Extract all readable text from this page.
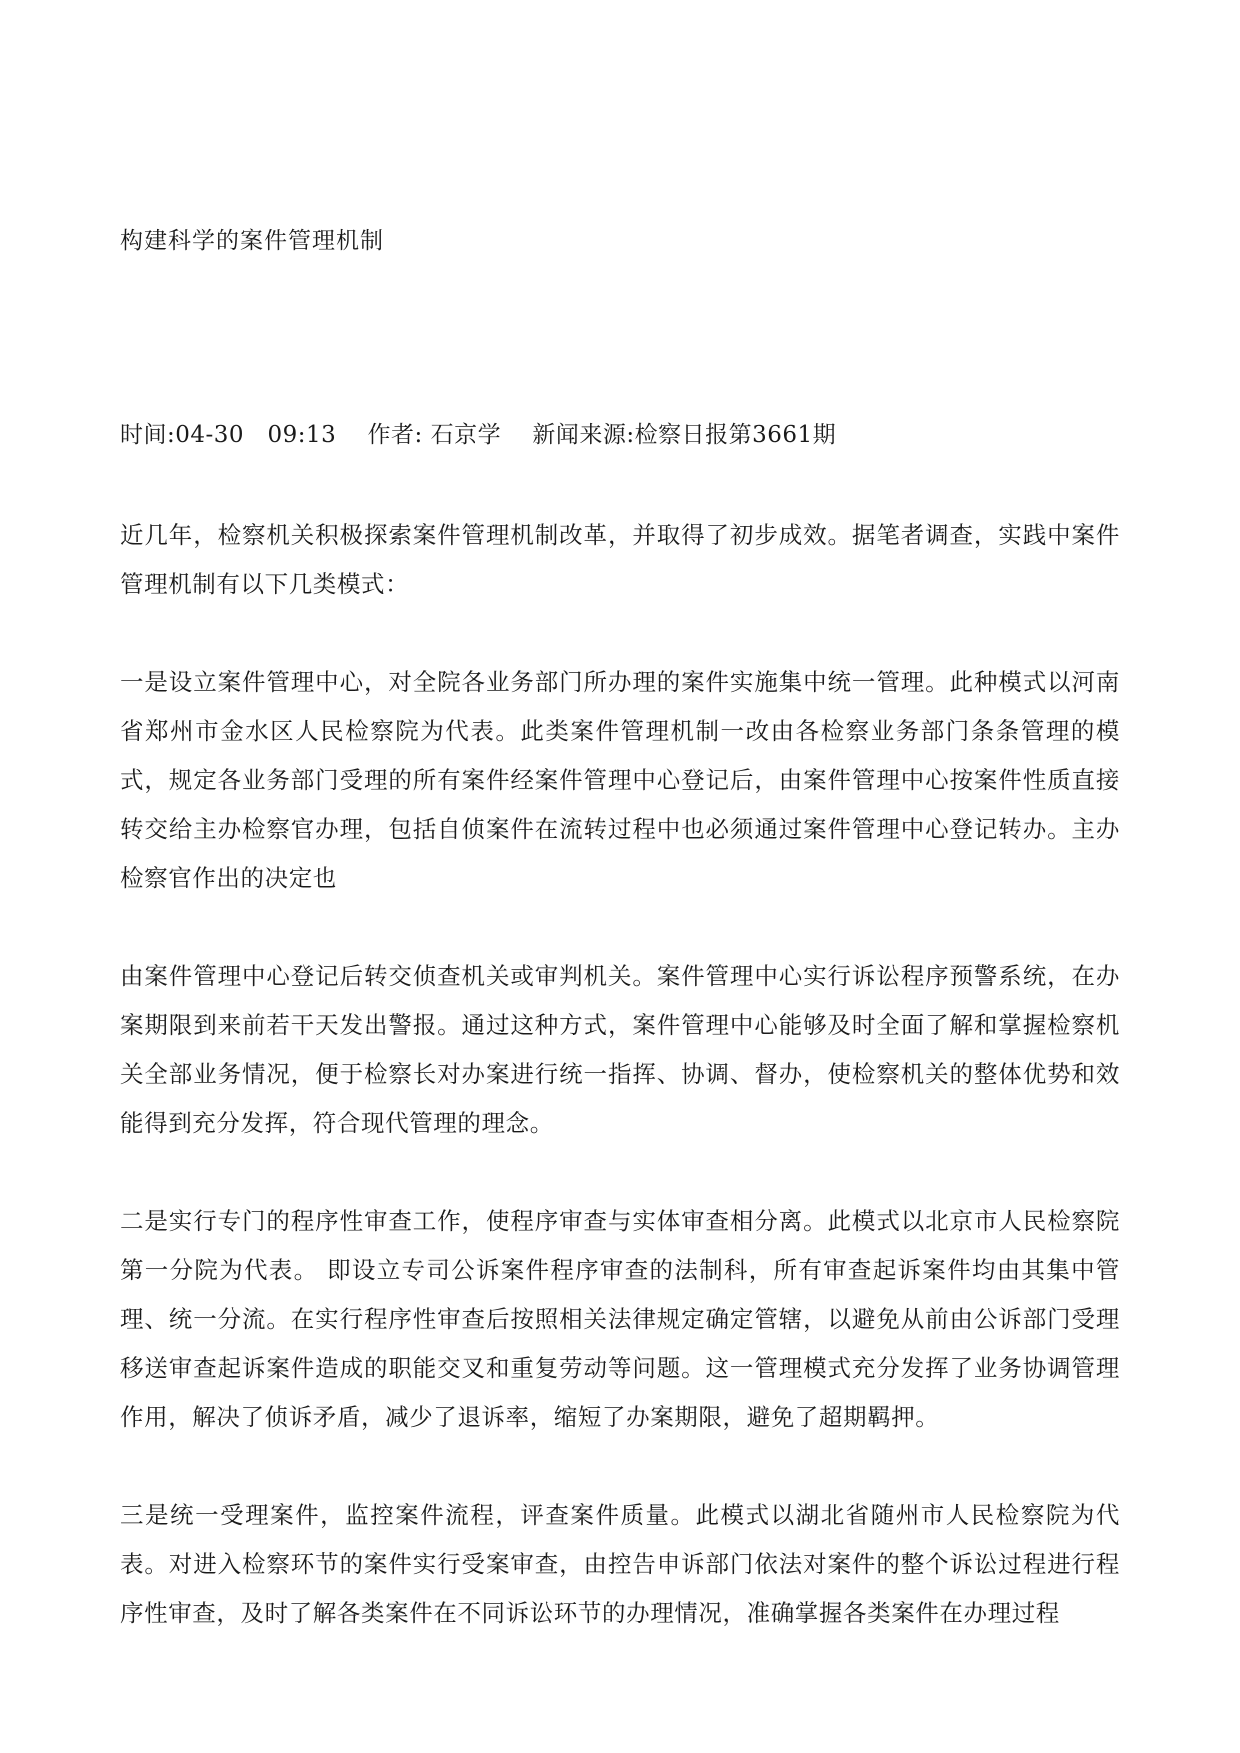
构建科学的案件管理机制
时间:04-30   09:13    作者: 石京学    新闻来源:检察日报第3661期

近几年，检察机关积极探索案件管理机制改革，并取得了初步成效。据笔者调查，实践中案件管理机制有以下几类模式：

一是设立案件管理中心，对全院各业务部门所办理的案件实施集中统一管理。此种模式以河南省郑州市金水区人民检察院为代表。此类案件管理机制一改由各检察业务部门条条管理的模式，规定各业务部门受理的所有案件经案件管理中心登记后，由案件管理中心按案件性质直接转交给主办检察官办理，包括自侦案件在流转过程中也必须通过案件管理中心登记转办。主办检察官作出的决定也

由案件管理中心登记后转交侦查机关或审判机关。案件管理中心实行诉讼程序预警系统，在办案期限到来前若干天发出警报。通过这种方式，案件管理中心能够及时全面了解和掌握检察机关全部业务情况，便于检察长对办案进行统一指挥、协调、督办，使检察机关的整体优势和效能得到充分发挥，符合现代管理的理念。

二是实行专门的程序性审查工作，使程序审查与实体审查相分离。此模式以北京市人民检察院第一分院为代表。 即设立专司公诉案件程序审查的法制科，所有审查起诉案件均由其集中管理、统一分流。在实行程序性审查后按照相关法律规定确定管辖，以避免从前由公诉部门受理移送审查起诉案件造成的职能交叉和重复劳动等问题。这一管理模式充分发挥了业务协调管理作用，解决了侦诉矛盾，减少了退诉率，缩短了办案期限，避免了超期羁押。

三是统一受理案件，监控案件流程，评查案件质量。此模式以湖北省随州市人民检察院为代表。对进入检察环节的案件实行受案审查，由控告申诉部门依法对案件的整个诉讼过程进行程序性审查，及时了解各类案件在不同诉讼环节的办理情况，准确掌握各类案件在办理过程
